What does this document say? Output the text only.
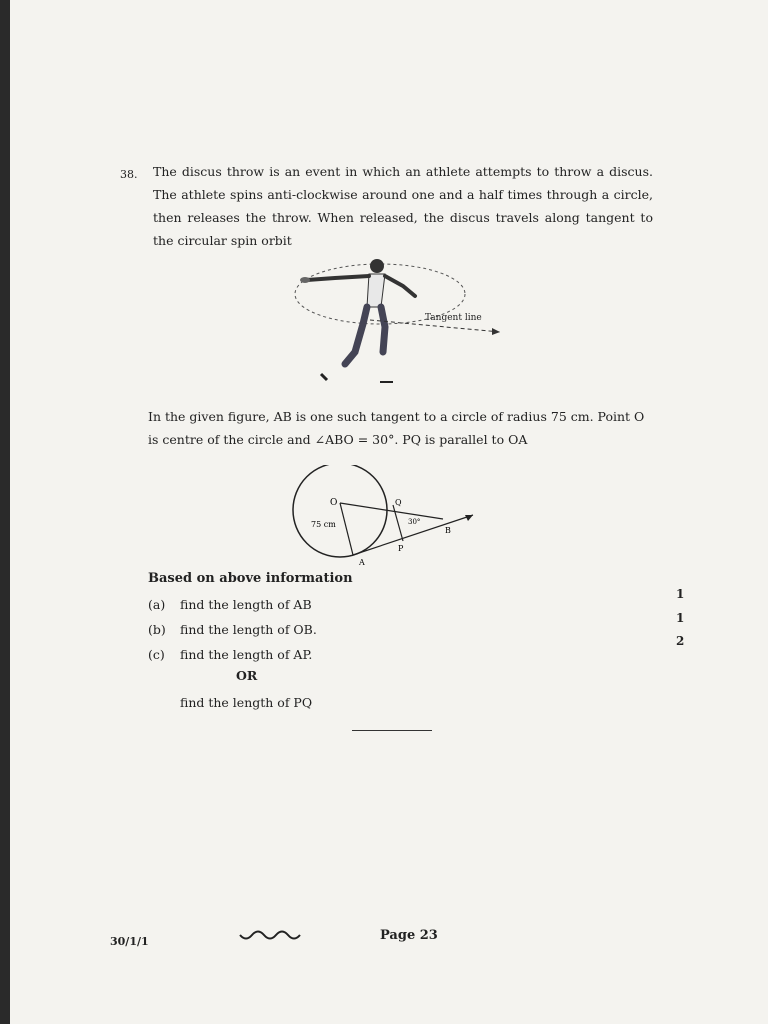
38. The discus throw is an event in which an athlete attempts to throw a discus. The athlete spins anti-clockwise around one and a half times through a circle, then releases the throw. When released, the discus travels along tangent to the circular spin orbit
Tangent line
In the given figure, AB is one such tangent to a circle of radius 75 cm. Point O is centre of the circle and ∠ABO = 30°. PQ is parallel to OA
O
A
B
P
Q
75 cm	30°
Based on above information
(a) find the length of AB
(b) find the length of OB.
(c) find the length of AP.
1
1
2
OR
find the length of PQ
30/1/1	Page 23
